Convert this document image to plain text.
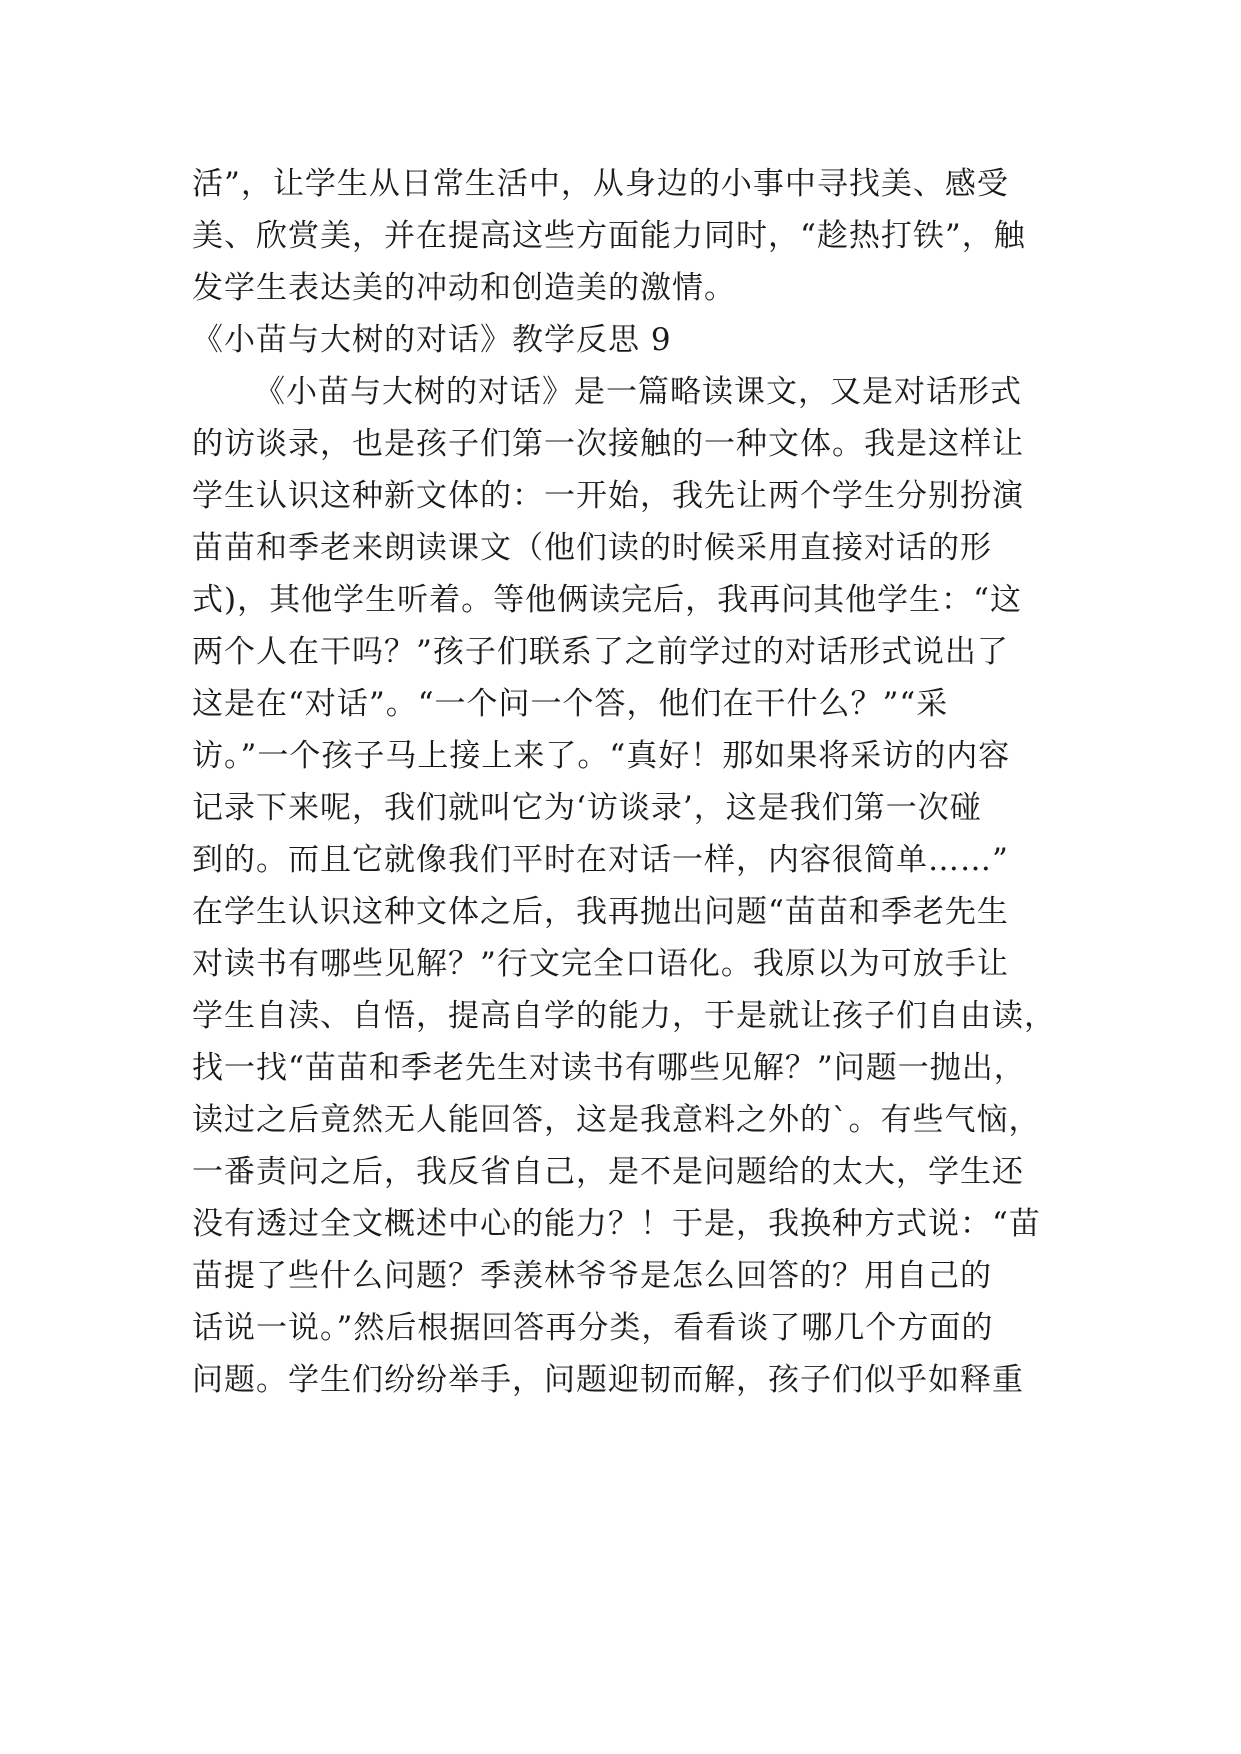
活”，让学生从日常生活中，从身边的小事中寻找美、感受
美、欣赏美，并在提高这些方面能力同时，“趁热打铁”，触
发学生表达美的冲动和创造美的激情。
《小苗与大树的对话》教学反思 9
《小苗与大树的对话》是一篇略读课文，又是对话形式
的访谈录，也是孩子们第一次接触的一种文体。我是这样让
学生认识这种新文体的：一开始，我先让两个学生分别扮演
苗苗和季老来朗读课文（他们读的时候采用直接对话的形
式)，其他学生听着。等他俩读完后，我再问其他学生：“这
两个人在干吗？”孩子们联系了之前学过的对话形式说出了
这是在“对话”。“一个问一个答，他们在干什么？”“采
访。”一个孩子马上接上来了。“真好！那如果将采访的内容
记录下来呢，我们就叫它为‘访谈录’，这是我们第一次碰
到的。而且它就像我们平时在对话一样，内容很简单……”
在学生认识这种文体之后，我再抛出问题“苗苗和季老先生
对读书有哪些见解？”行文完全口语化。我原以为可放手让
学生自渎、自悟，提高自学的能力，于是就让孩子们自由读，
找一找“苗苗和季老先生对读书有哪些见解？”问题一抛出，
读过之后竟然无人能回答，这是我意料之外的`。有些气恼，
一番责问之后，我反省自己，是不是问题给的太大，学生还
没有透过全文概述中心的能力？！于是，我换种方式说：“苗
苗提了些什么问题？季羡林爷爷是怎么回答的？用自己的
话说一说。”然后根据回答再分类，看看谈了哪几个方面的
问题。学生们纷纷举手，问题迎韧而解，孩子们似乎如释重
